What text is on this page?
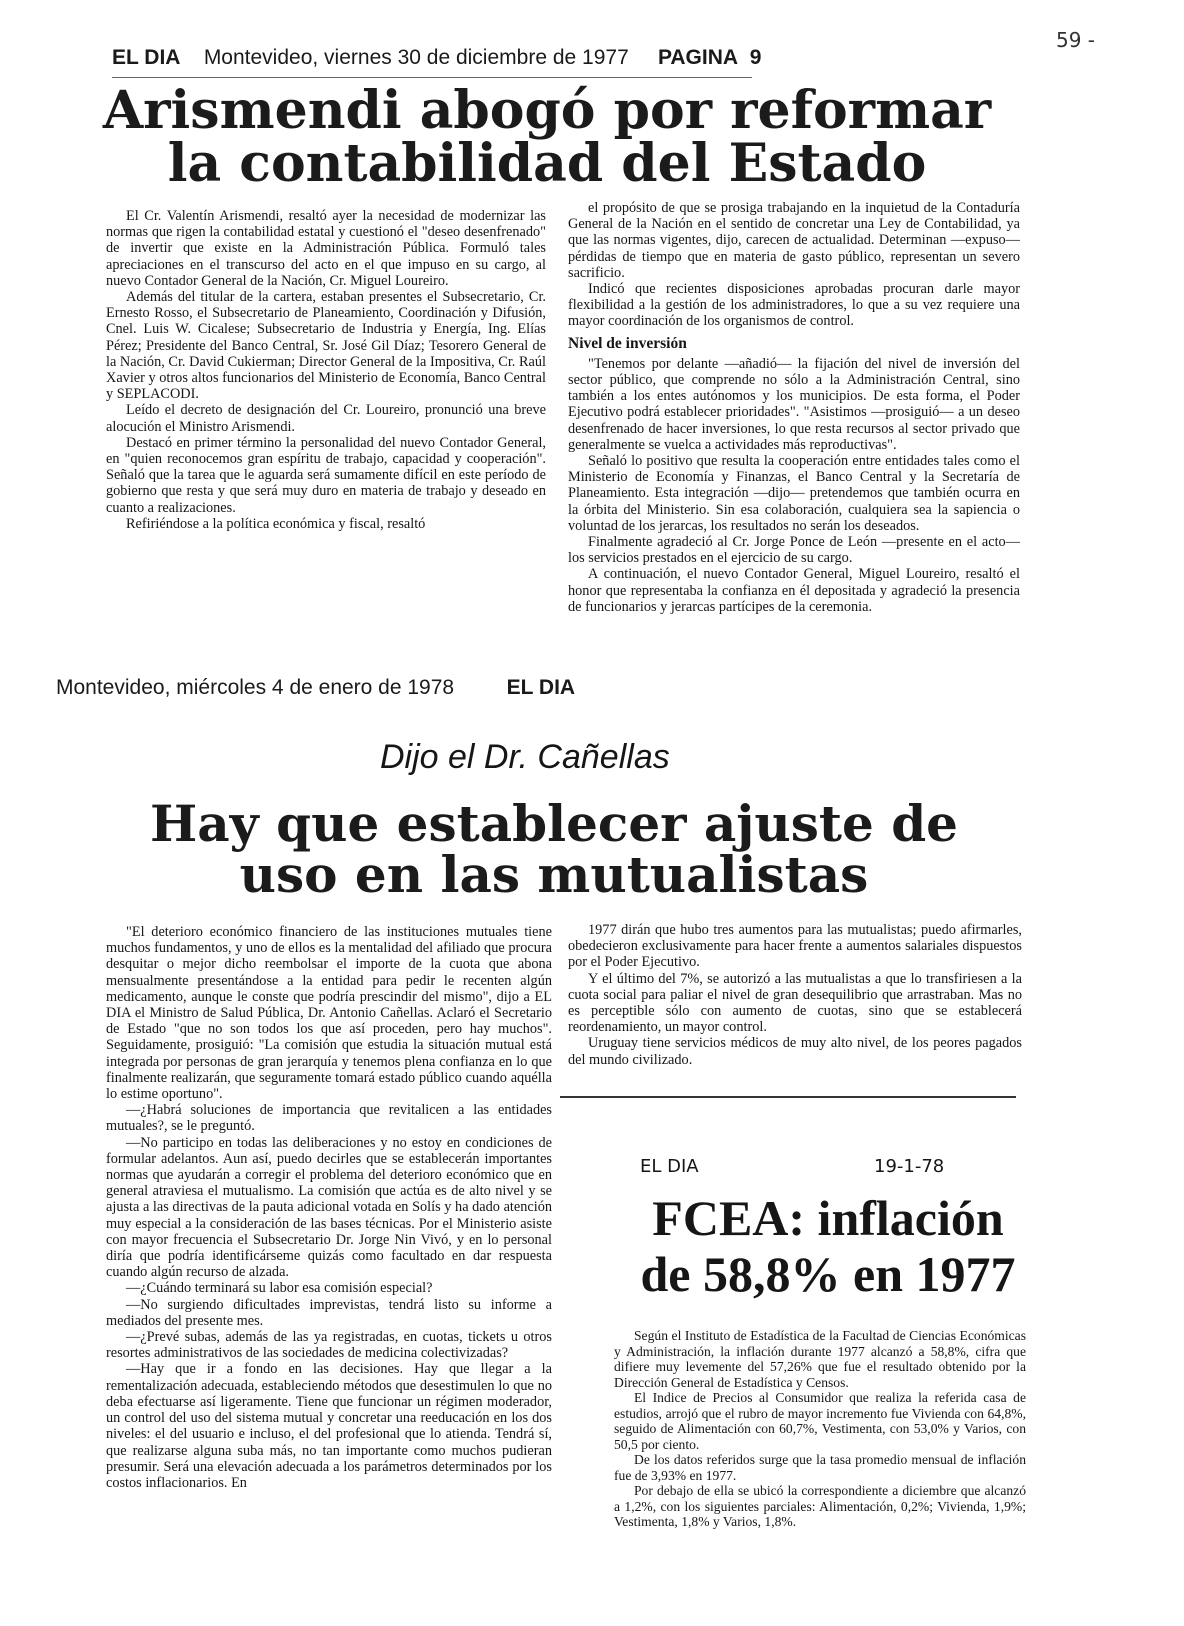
59 -
EL DIA Montevideo, viernes 30 de diciembre de 1977 PAGINA 9
Arismendi abogó por reformar la contabilidad del Estado

El Cr. Valentín Arismendi, resaltó ayer la necesidad de modernizar las normas que rigen la contabilidad estatal y cuestionó el "deseo desenfrenado" de invertir que existe en la Administración Pública. Formuló tales apreciaciones en el transcurso del acto en el que impuso en su cargo, al nuevo Contador General de la Nación, Cr. Miguel Loureiro.

Además del titular de la cartera, estaban presentes el Subsecretario, Cr. Ernesto Rosso, el Subsecretario de Planeamiento, Coordinación y Difusión, Cnel. Luis W. Cicalese; Subsecretario de Industria y Energía, Ing. Elías Pérez; Presidente del Banco Central, Sr. José Gil Díaz; Tesorero General de la Nación, Cr. David Cukierman; Director General de la Impositiva, Cr. Raúl Xavier y otros altos funcionarios del Ministerio de Economía, Banco Central y SEPLACODI.

Leído el decreto de designación del Cr. Loureiro, pronunció una breve alocución el Ministro Arismendi.

Destacó en primer término la personalidad del nuevo Contador General, en "quien reconocemos gran espíritu de trabajo, capacidad y cooperación". Señaló que la tarea que le aguarda será sumamente difícil en este período de gobierno que resta y que será muy duro en materia de trabajo y deseado en cuanto a realizaciones.

Refiriéndose a la política económica y fiscal, resaltó

el propósito de que se prosiga trabajando en la inquietud de la Contaduría General de la Nación en el sentido de concretar una Ley de Contabilidad, ya que las normas vigentes, dijo, carecen de actualidad. Determinan —expuso— pérdidas de tiempo que en materia de gasto público, representan un severo sacrificio.

Indicó que recientes disposiciones aprobadas procuran darle mayor flexibilidad a la gestión de los administradores, lo que a su vez requiere una mayor coordinación de los organismos de control.

Nivel de inversión

"Tenemos por delante —añadió— la fijación del nivel de inversión del sector público, que comprende no sólo a la Administración Central, sino también a los entes autónomos y los municipios. De esta forma, el Poder Ejecutivo podrá establecer prioridades". "Asistimos —prosiguió— a un deseo desenfrenado de hacer inversiones, lo que resta recursos al sector privado que generalmente se vuelca a actividades más reproductivas".

Señaló lo positivo que resulta la cooperación entre entidades tales como el Ministerio de Economía y Finanzas, el Banco Central y la Secretaría de Planeamiento. Esta integración —dijo— pretendemos que también ocurra en la órbita del Ministerio. Sin esa colaboración, cualquiera sea la sapiencia o voluntad de los jerarcas, los resultados no serán los deseados.

Finalmente agradeció al Cr. Jorge Ponce de León —presente en el acto— los servicios prestados en el ejercicio de su cargo.

A continuación, el nuevo Contador General, Miguel Loureiro, resaltó el honor que representaba la confianza en él depositada y agradeció la presencia de funcionarios y jerarcas partícipes de la ceremonia.

Montevideo, miércoles 4 de enero de 1978	EL DIA
Dijo el Dr. Cañellas
Hay que establecer ajuste de uso en las mutualistas

"El deterioro económico financiero de las instituciones mutuales tiene muchos fundamentos, y uno de ellos es la mentalidad del afiliado que procura desquitar o mejor dicho reembolsar el importe de la cuota que abona mensualmente presentándose a la entidad para pedir le recenten algún medicamento, aunque le conste que podría prescindir del mismo", dijo a EL DIA el Ministro de Salud Pública, Dr. Antonio Cañellas. Aclaró el Secretario de Estado "que no son todos los que así proceden, pero hay muchos". Seguidamente, prosiguió: "La comisión que estudia la situación mutual está integrada por personas de gran jerarquía y tenemos plena confianza en lo que finalmente realizarán, que seguramente tomará estado público cuando aquélla lo estime oportuno".

—¿Habrá soluciones de importancia que revitalicen a las entidades mutuales?, se le preguntó.

—No participo en todas las deliberaciones y no estoy en condiciones de formular adelantos. Aun así, puedo decirles que se establecerán importantes normas que ayudarán a corregir el problema del deterioro económico que en general atraviesa el mutualismo. La comisión que actúa es de alto nivel y se ajusta a las directivas de la pauta adicional votada en Solís y ha dado atención muy especial a la consideración de las bases técnicas. Por el Ministerio asiste con mayor frecuencia el Subsecretario Dr. Jorge Nin Vivó, y en lo personal diría que podría identificárseme quizás como facultado en dar respuesta cuando algún recurso de alzada.

—¿Cuándo terminará su labor esa comisión especial?

—No surgiendo dificultades imprevistas, tendrá listo su informe a mediados del presente mes.

—¿Prevé subas, además de las ya registradas, en cuotas, tickets u otros resortes administrativos de las sociedades de medicina colectivizadas?

—Hay que ir a fondo en las decisiones. Hay que llegar a la rementalización adecuada, estableciendo métodos que desestimulen lo que no deba efectuarse así ligeramente. Tiene que funcionar un régimen moderador, un control del uso del sistema mutual y concretar una reeducación en los dos niveles: el del usuario e incluso, el del profesional que lo atienda. Tendrá sí, que realizarse alguna suba más, no tan importante como muchos pudieran presumir. Será una elevación adecuada a los parámetros determinados por los costos inflacionarios. En

1977 dirán que hubo tres aumentos para las mutualistas; puedo afirmarles, obedecieron exclusivamente para hacer frente a aumentos salariales dispuestos por el Poder Ejecutivo.

Y el último del 7%, se autorizó a las mutualistas a que lo transfiriesen a la cuota social para paliar el nivel de gran desequilibrio que arrastraban. Mas no es perceptible sólo con aumento de cuotas, sino que se establecerá reordenamiento, un mayor control.

Uruguay tiene servicios médicos de muy alto nivel, de los peores pagados del mundo civilizado.

EL DIA	19-1-78
FCEA: inflación de 58,8% en 1977

Según el Instituto de Estadística de la Facultad de Ciencias Económicas y Administración, la inflación durante 1977 alcanzó a 58,8%, cifra que difiere muy levemente del 57,26% que fue el resultado obtenido por la Dirección General de Estadística y Censos.

El Indice de Precios al Consumidor que realiza la referida casa de estudios, arrojó que el rubro de mayor incremento fue Vivienda con 64,8%, seguido de Alimentación con 60,7%, Vestimenta, con 53,0% y Varios, con 50,5 por ciento.

De los datos referidos surge que la tasa promedio mensual de inflación fue de 3,93% en 1977.

Por debajo de ella se ubicó la correspondiente a diciembre que alcanzó a 1,2%, con los siguientes parciales: Alimentación, 0,2%; Vivienda, 1,9%; Vestimenta, 1,8% y Varios, 1,8%.
